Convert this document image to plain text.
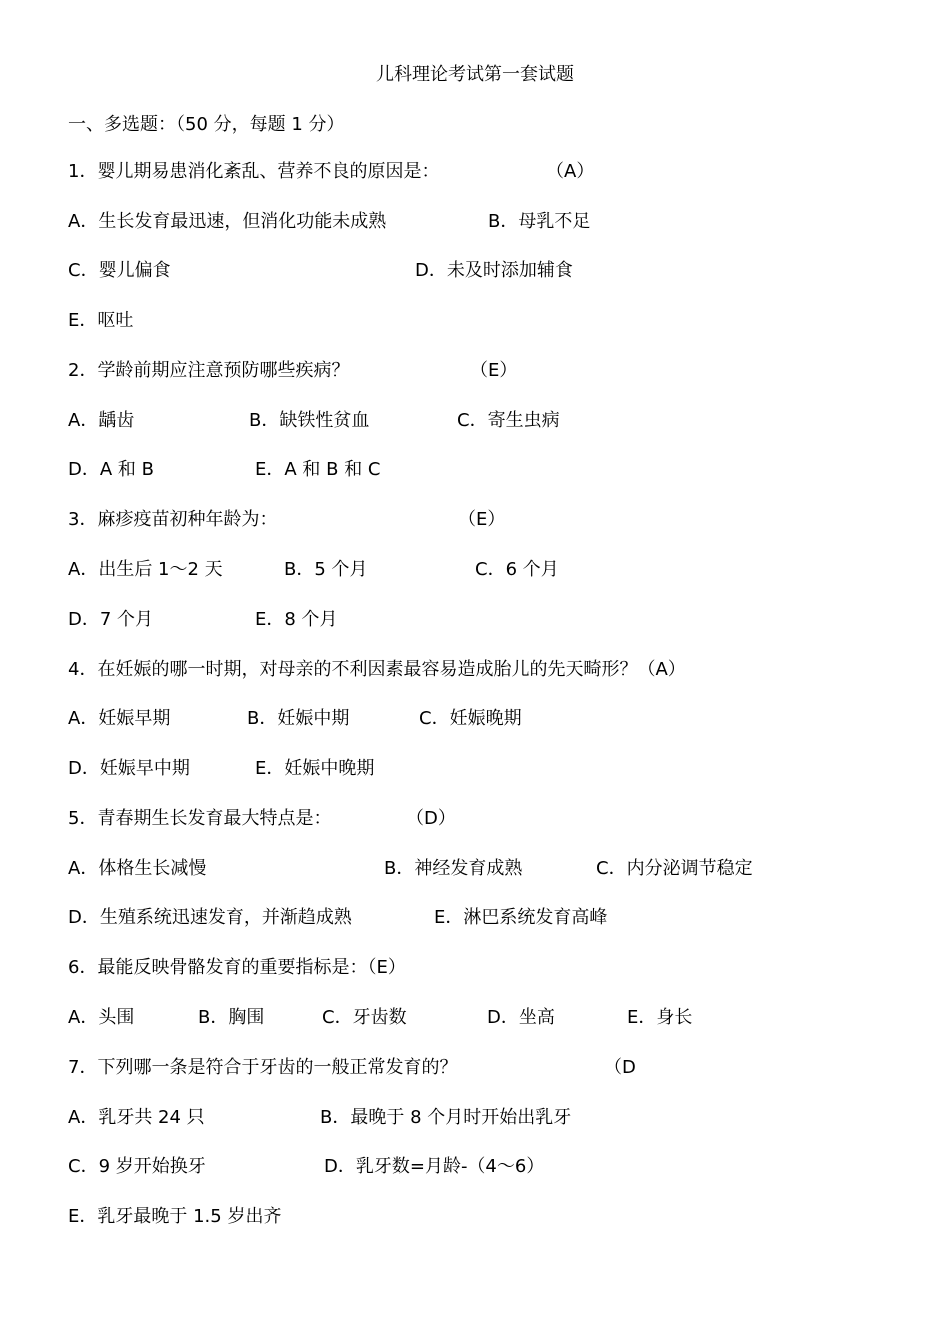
儿科理论考试第一套试题
一、多选题：（50 分，每题 1 分）
1．婴儿期易患消化紊乱、营养不良的原因是：	（A）
A．生长发育最迅速，但消化功能未成熟	B．母乳不足
C．婴儿偏食	D．未及时添加辅食
E．呕吐
2．学龄前期应注意预防哪些疾病？	（E）
A．龋齿	B．缺铁性贫血	C．寄生虫病
D．A 和 B	E．A 和 B 和 C
3．麻疹疫苗初种年龄为：	（E）
A．出生后 1～2 天	B．5 个月	C．6 个月
D．7 个月	E．8 个月
4．在妊娠的哪一时期，对母亲的不利因素最容易造成胎儿的先天畸形？（A）
A．妊娠早期	B．妊娠中期	C．妊娠晚期
D．妊娠早中期	E．妊娠中晚期
5．青春期生长发育最大特点是：	（D）
A．体格生长减慢	B．神经发育成熟	C．内分泌调节稳定
D．生殖系统迅速发育，并渐趋成熟	E．淋巴系统发育高峰
6．最能反映骨骼发育的重要指标是：（E）
A．头围	B．胸围	C．牙齿数	D．坐高	E．身长
7．下列哪一条是符合于牙齿的一般正常发育的？	（D
A．乳牙共 24 只	B．最晚于 8 个月时开始出乳牙
C．9 岁开始换牙	D．乳牙数=月龄-（4～6）
E．乳牙最晚于 1.5 岁出齐
